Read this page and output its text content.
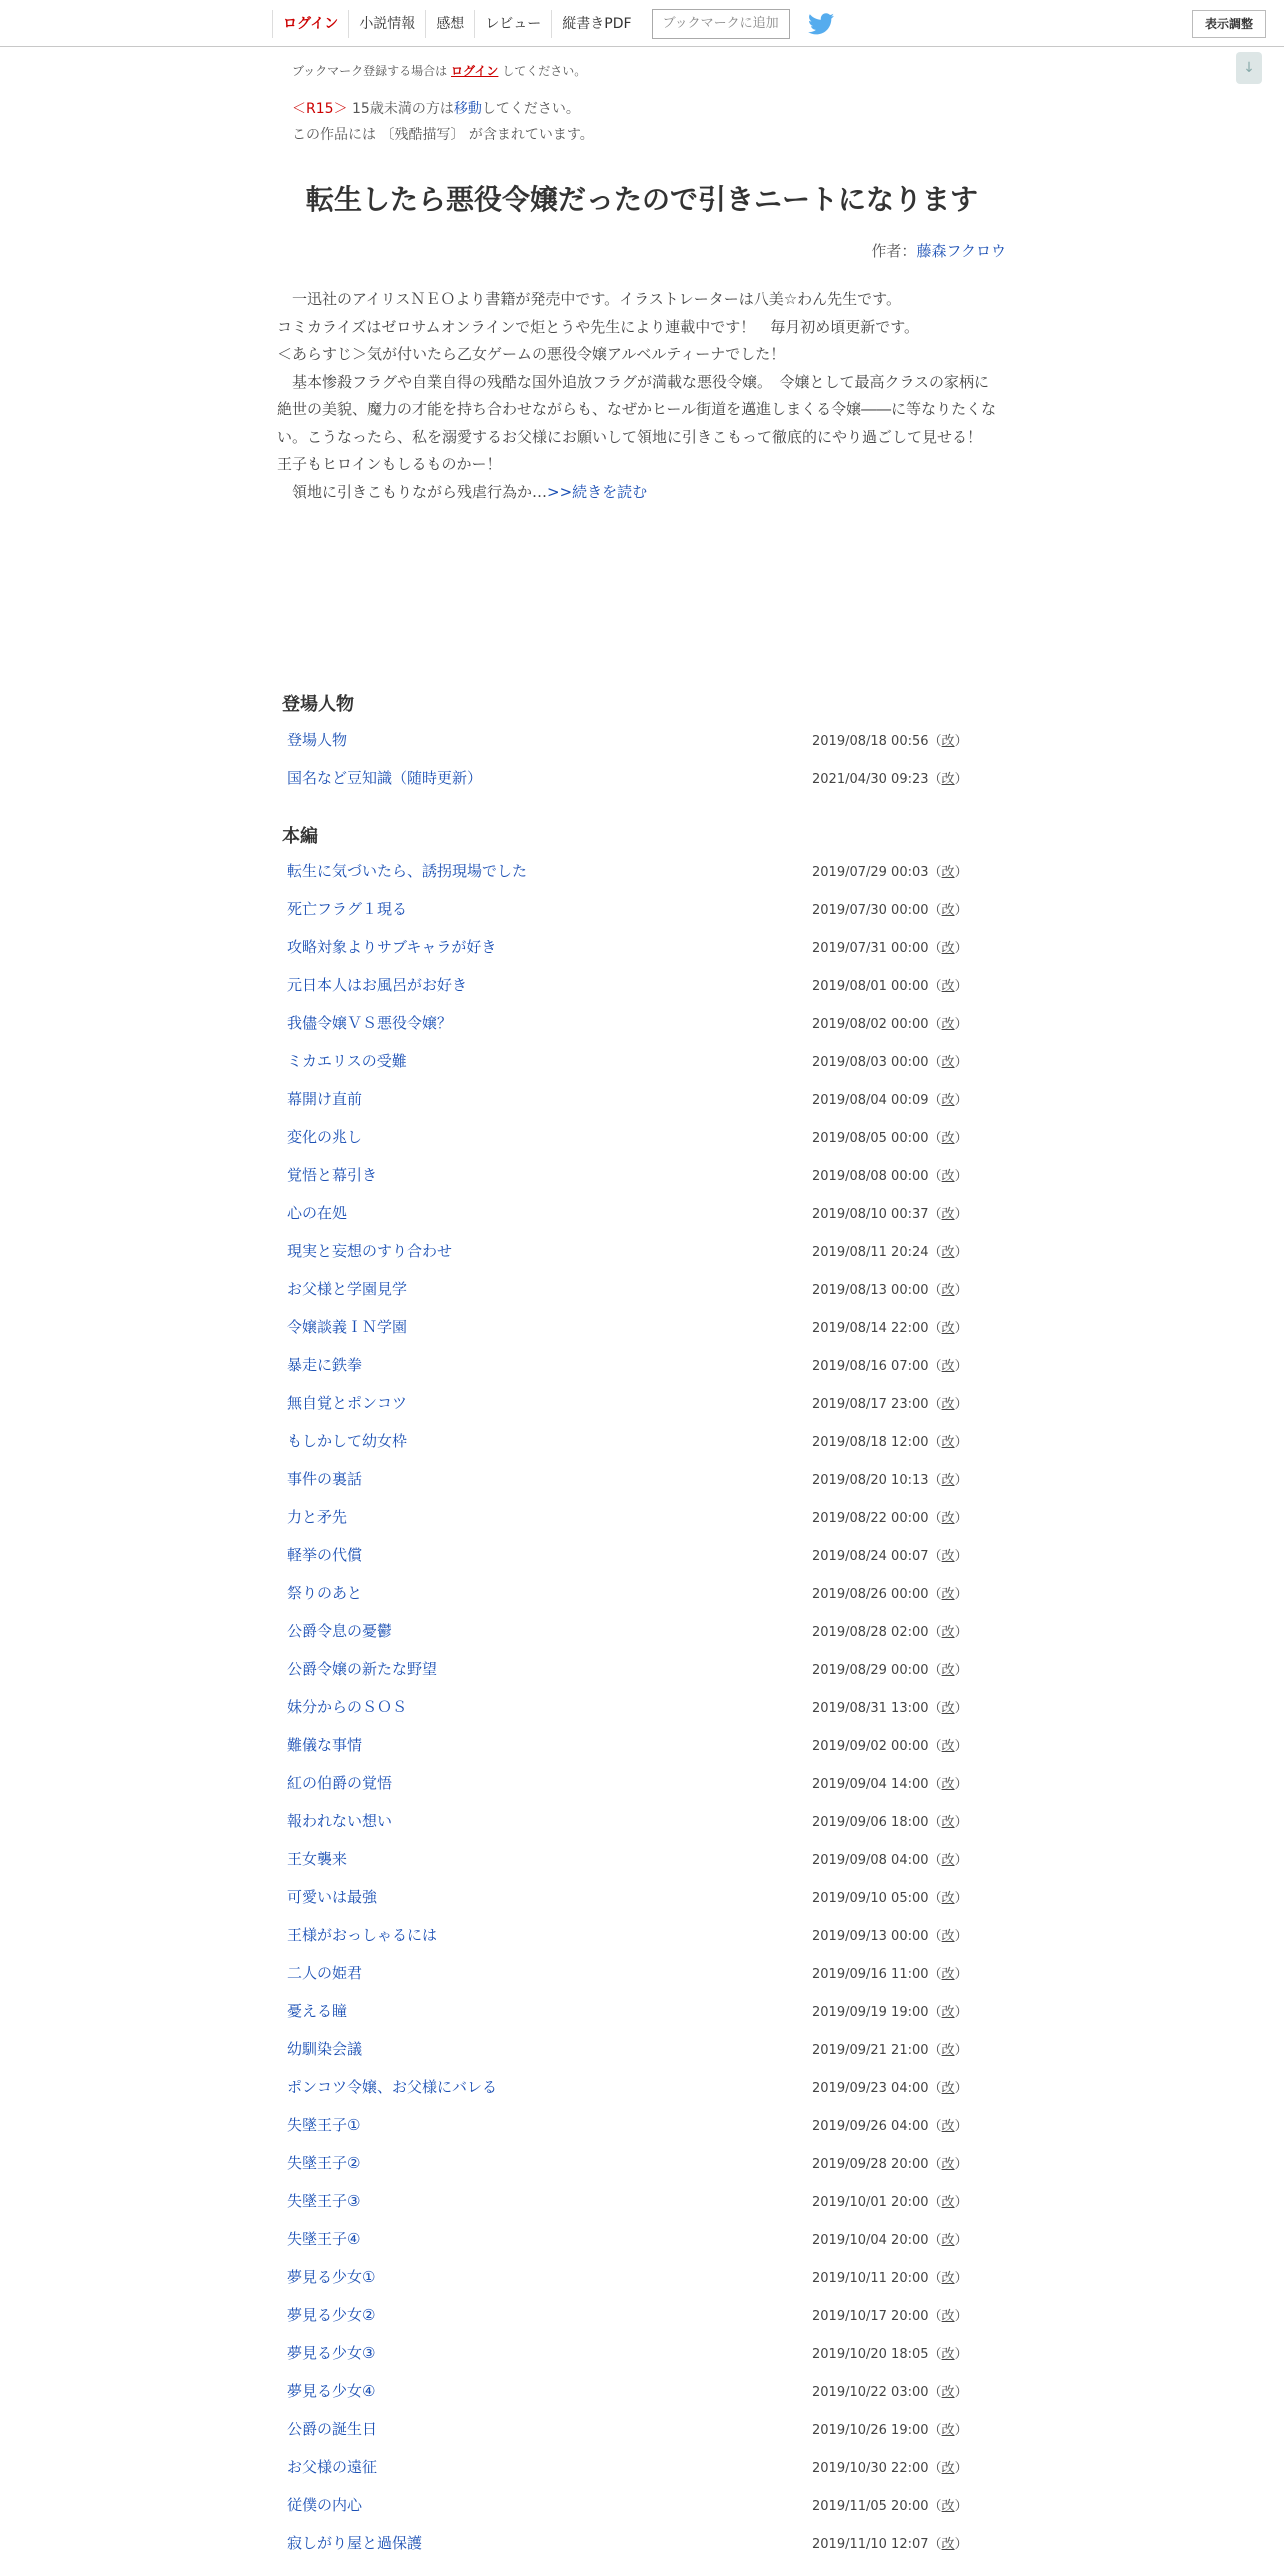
ログイン	小説情報	感想	レビュー	縦書きPDF	ブックマークに追加	表示調整
↓
ブックマーク登録する場合は ログイン してください。
＜R15＞ 15歳未満の方は移動してください。
この作品には 〔残酷描写〕 が含まれています。
転生したら悪役令嬢だったので引きニートになります
作者：藤森フクロウ
　一迅社のアイリスＮＥＯより書籍が発売中です。イラストレーターは八美☆わん先生です。
コミカライズはゼロサムオンラインで炬とうや先生により連載中です！　毎月初め頃更新です。
＜あらすじ＞気が付いたら乙女ゲームの悪役令嬢アルベルティーナでした！
　基本惨殺フラグや自業自得の残酷な国外追放フラグが満載な悪役令嬢。　令嬢として最高クラスの家柄に
絶世の美貌、魔力の才能を持ち合わせながらも、なぜかヒール街道を邁進しまくる令嬢――に等なりたくな
い。こうなったら、私を溺愛するお父様にお願いして領地に引きこもって徹底的にやり過ごして見せる！
王子もヒロインもしるものかー！
　領地に引きこもりながら残虐行為か…>>続きを読む
登場人物
登場人物	2019/08/18 00:56（改）
国名など豆知識（随時更新）	2021/04/30 09:23（改）
本編
転生に気づいたら、誘拐現場でした	2019/07/29 00:03（改）
死亡フラグ１現る	2019/07/30 00:00（改）
攻略対象よりサブキャラが好き	2019/07/31 00:00（改）
元日本人はお風呂がお好き	2019/08/01 00:00（改）
我儘令嬢ＶＳ悪役令嬢？	2019/08/02 00:00（改）
ミカエリスの受難	2019/08/03 00:00（改）
幕開け直前	2019/08/04 00:09（改）
変化の兆し	2019/08/05 00:00（改）
覚悟と幕引き	2019/08/08 00:00（改）
心の在処	2019/08/10 00:37（改）
現実と妄想のすり合わせ	2019/08/11 20:24（改）
お父様と学園見学	2019/08/13 00:00（改）
令嬢談義ＩＮ学園	2019/08/14 22:00（改）
暴走に鉄拳	2019/08/16 07:00（改）
無自覚とポンコツ	2019/08/17 23:00（改）
もしかして幼女枠	2019/08/18 12:00（改）
事件の裏話	2019/08/20 10:13（改）
力と矛先	2019/08/22 00:00（改）
軽挙の代償	2019/08/24 00:07（改）
祭りのあと	2019/08/26 00:00（改）
公爵令息の憂鬱	2019/08/28 02:00（改）
公爵令嬢の新たな野望	2019/08/29 00:00（改）
妹分からのＳＯＳ	2019/08/31 13:00（改）
難儀な事情	2019/09/02 00:00（改）
紅の伯爵の覚悟	2019/09/04 14:00（改）
報われない想い	2019/09/06 18:00（改）
王女襲来	2019/09/08 04:00（改）
可愛いは最強	2019/09/10 05:00（改）
王様がおっしゃるには	2019/09/13 00:00（改）
二人の姫君	2019/09/16 11:00（改）
憂える瞳	2019/09/19 19:00（改）
幼馴染会議	2019/09/21 21:00（改）
ポンコツ令嬢、お父様にバレる	2019/09/23 04:00（改）
失墜王子①	2019/09/26 04:00（改）
失墜王子②	2019/09/28 20:00（改）
失墜王子③	2019/10/01 20:00（改）
失墜王子④	2019/10/04 20:00（改）
夢見る少女①	2019/10/11 20:00（改）
夢見る少女②	2019/10/17 20:00（改）
夢見る少女③	2019/10/20 18:05（改）
夢見る少女④	2019/10/22 03:00（改）
公爵の誕生日	2019/10/26 19:00（改）
お父様の遠征	2019/10/30 22:00（改）
従僕の内心	2019/11/05 20:00（改）
寂しがり屋と過保護	2019/11/10 12:07（改）
